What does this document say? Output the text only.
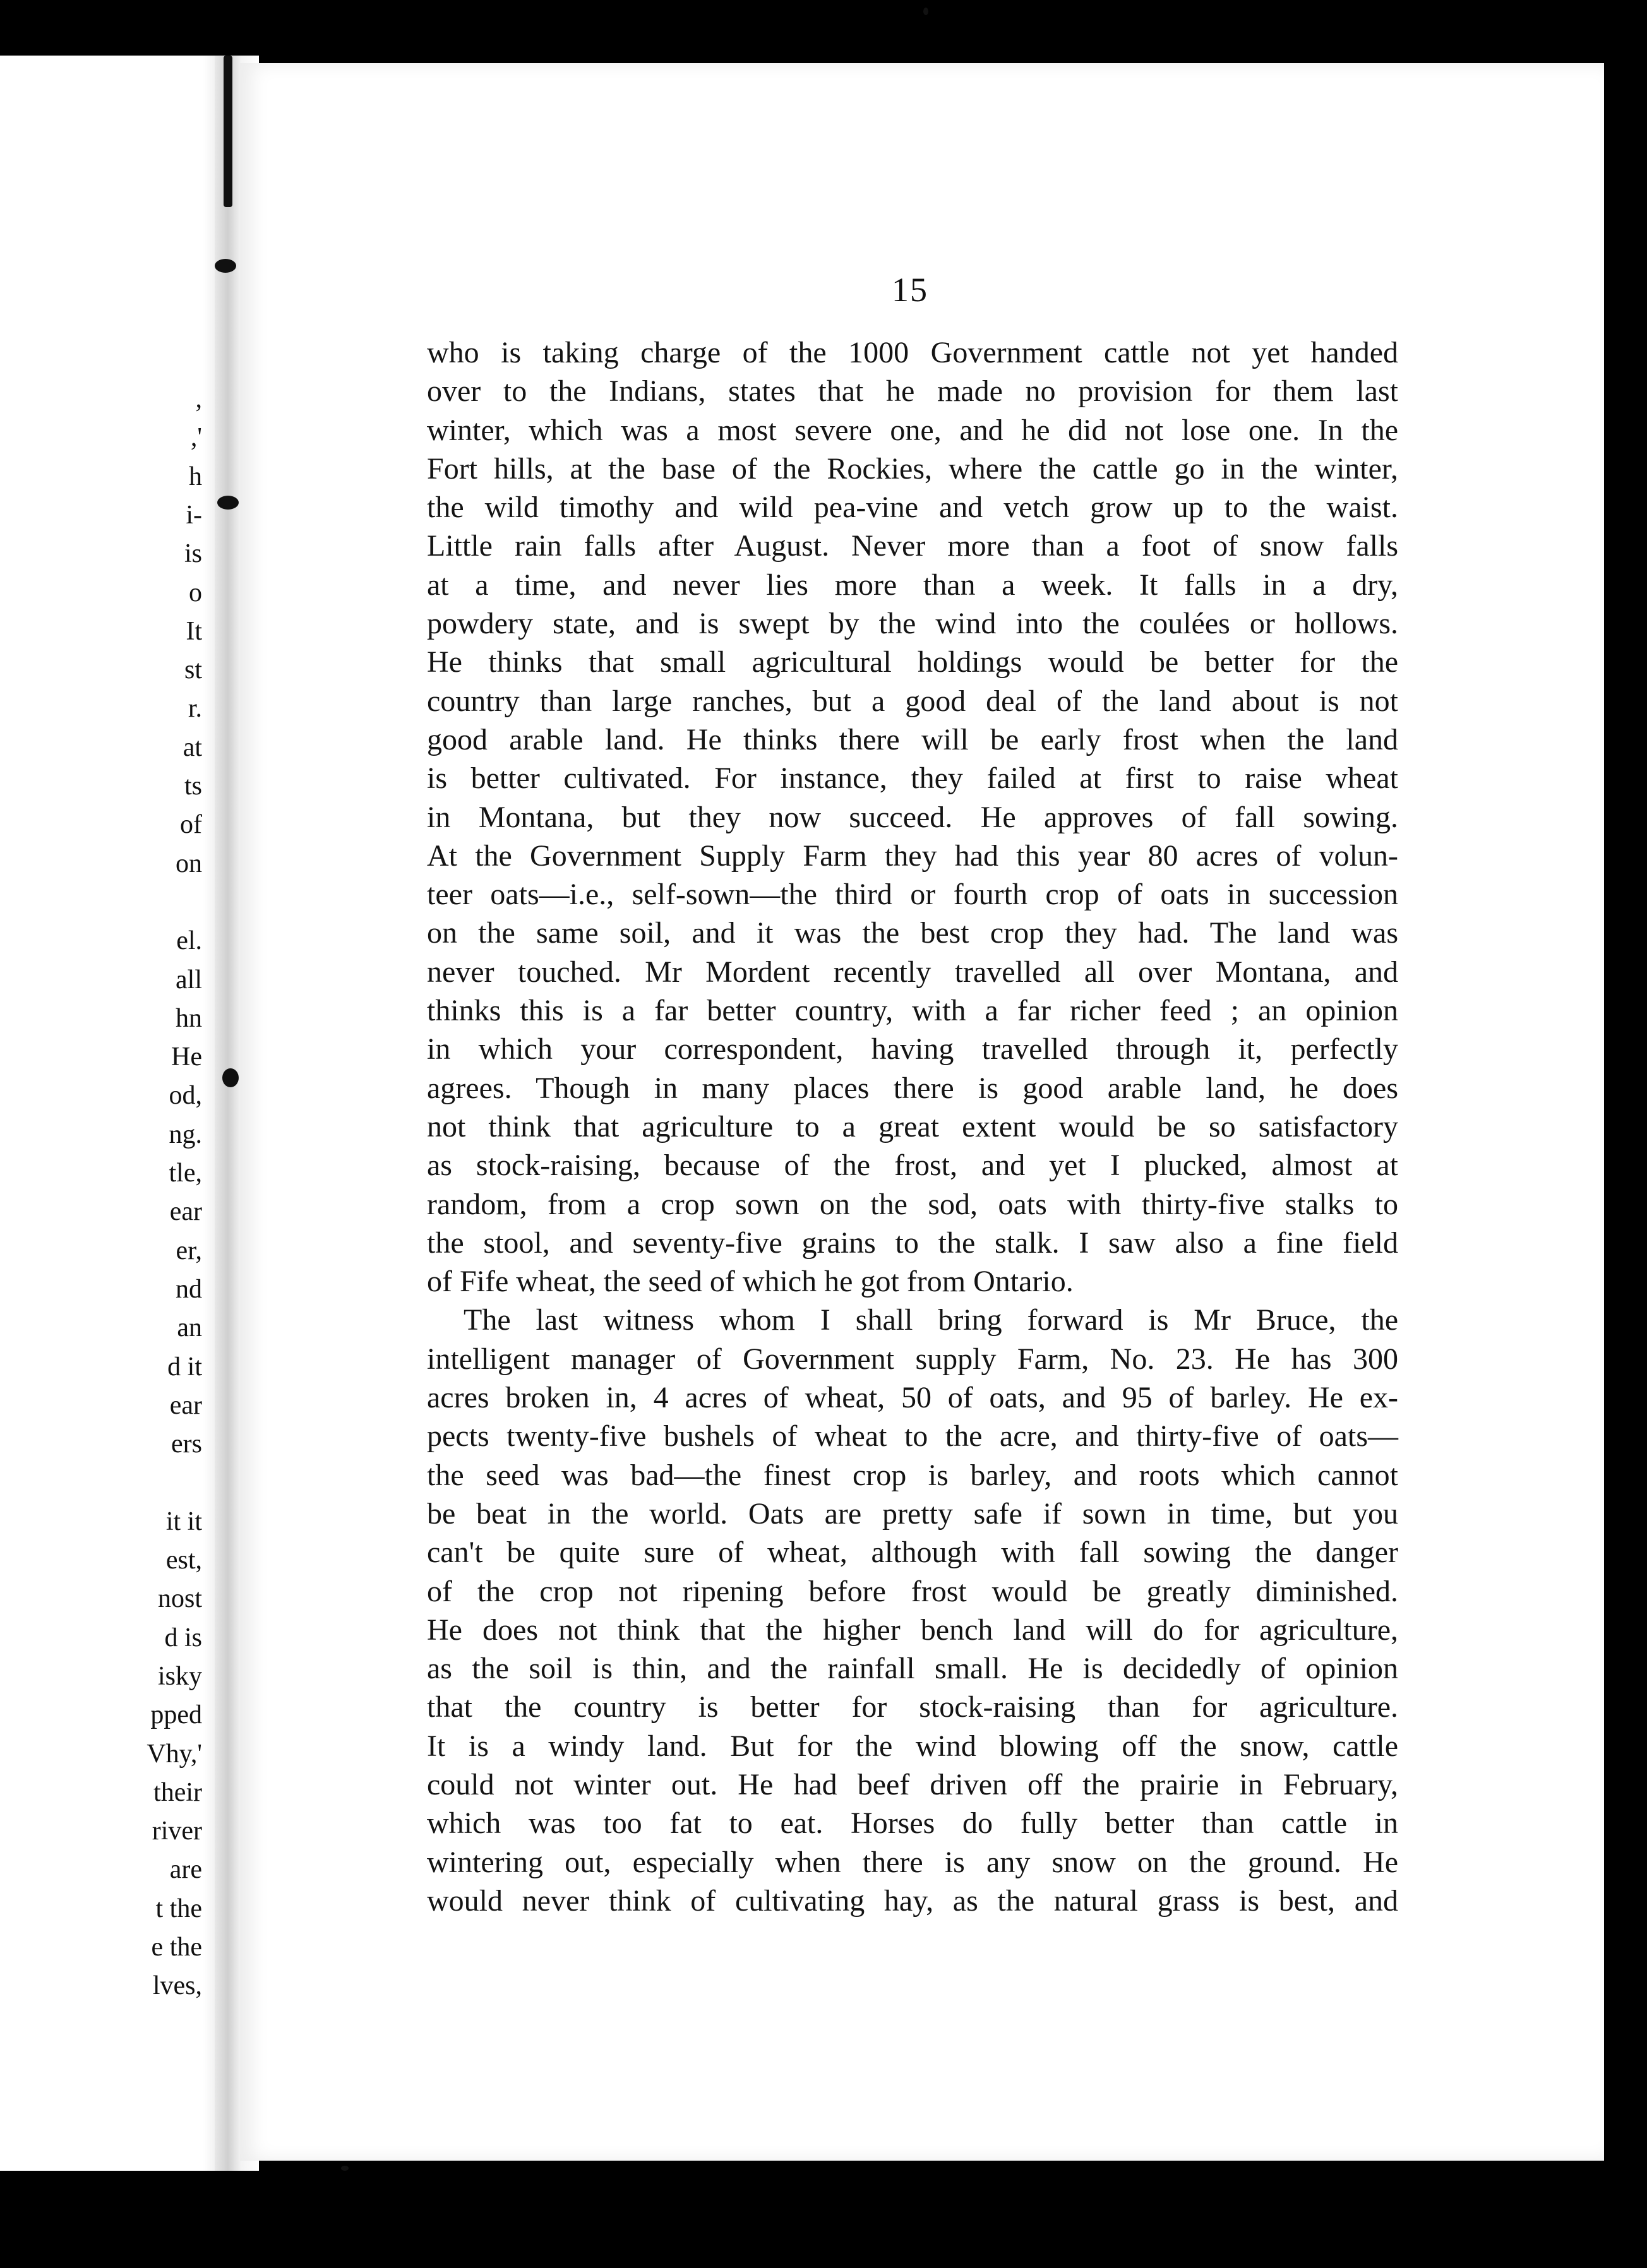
,
,'
h
i-
is
o
It
st
r.
at
ts
of
on
el.
all
hn
He
od,
ng.
tle,
ear
er,
nd
an
d it
ear
ers
it it
est,
nost
d is
isky
pped
Vhy,'
their
river
are
t the
e the
lves,
15
who is taking charge of the 1000 Government cattle not yet handed
over to the Indians, states that he made no provision for them last
winter, which was a most severe one, and he did not lose one. In the
Fort hills, at the base of the Rockies, where the cattle go in the winter,
the wild timothy and wild pea-vine and vetch grow up to the waist.
Little rain falls after August. Never more than a foot of snow falls
at a time, and never lies more than a week. It falls in a dry,
powdery state, and is swept by the wind into the coulées or hollows.
He thinks that small agricultural holdings would be better for the
country than large ranches, but a good deal of the land about is not
good arable land. He thinks there will be early frost when the land
is better cultivated. For instance, they failed at first to raise wheat
in Montana, but they now succeed. He approves of fall sowing.
At the Government Supply Farm they had this year 80 acres of volun-
teer oats—i.e., self-sown—the third or fourth crop of oats in succession
on the same soil, and it was the best crop they had. The land was
never touched. Mr Mordent recently travelled all over Montana, and
thinks this is a far better country, with a far richer feed ; an opinion
in which your correspondent, having travelled through it, perfectly
agrees. Though in many places there is good arable land, he does
not think that agriculture to a great extent would be so satisfactory
as stock-raising, because of the frost, and yet I plucked, almost at
random, from a crop sown on the sod, oats with thirty-five stalks to
the stool, and seventy-five grains to the stalk. I saw also a fine field
of Fife wheat, the seed of which he got from Ontario.
The last witness whom I shall bring forward is Mr Bruce, the
intelligent manager of Government supply Farm, No. 23. He has 300
acres broken in, 4 acres of wheat, 50 of oats, and 95 of barley. He ex-
pects twenty-five bushels of wheat to the acre, and thirty-five of oats—
the seed was bad—the finest crop is barley, and roots which cannot
be beat in the world. Oats are pretty safe if sown in time, but you
can't be quite sure of wheat, although with fall sowing the danger
of the crop not ripening before frost would be greatly diminished.
He does not think that the higher bench land will do for agriculture,
as the soil is thin, and the rainfall small. He is decidedly of opinion
that the country is better for stock-raising than for agriculture.
It is a windy land. But for the wind blowing off the snow, cattle
could not winter out. He had beef driven off the prairie in February,
which was too fat to eat. Horses do fully better than cattle in
wintering out, especially when there is any snow on the ground. He
would never think of cultivating hay, as the natural grass is best, and
